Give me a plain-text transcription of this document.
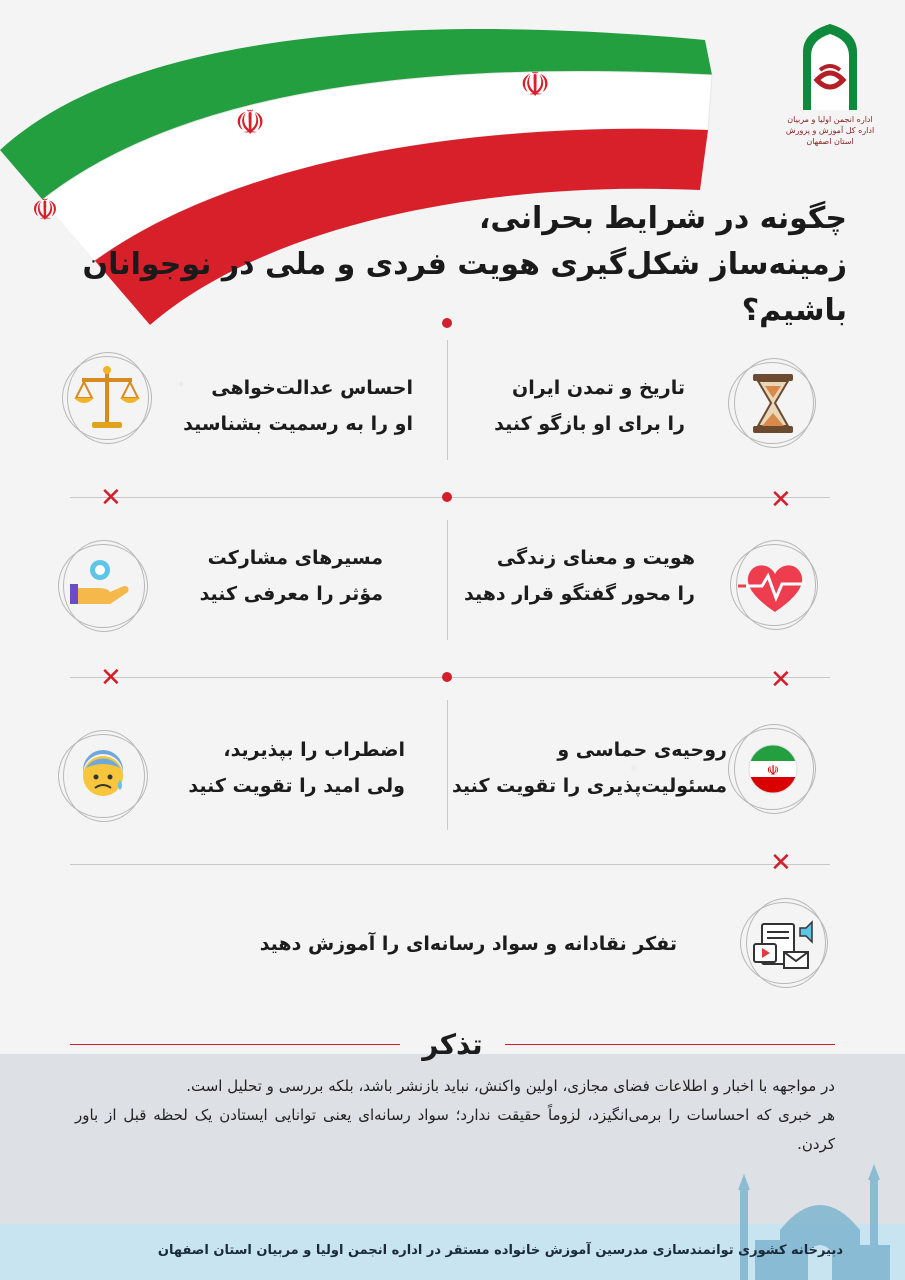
☫
☫
☫
اداره انجمن اولیا و مربیان
اداره کل آموزش و پرورش استان اصفهان
چگونه در شرایط بحرانی،
زمینه‌ساز شکل‌گیری هویت فردی و ملی در نوجوانان باشیم؟
✕	✕
✕	✕
✕
تاریخ و تمدن ایران
را برای او بازگو کنید
احساس عدالت‌خواهی
او را به رسمیت بشناسید
هویت و معنای زندگی
را محور گفتگو قرار دهید
مسیرهای مشارکت
مؤثر را معرفی کنید
☫
روحیه‌ی حماسی و
مسئولیت‌پذیری را تقویت کنید
اضطراب را بپذیرید،
ولی امید را تقویت کنید
تفکر نقادانه و سواد رسانه‌ای را آموزش دهید
تذکر
در مواجهه با اخبار و اطلاعات فضای مجازی، اولین واکنش، نباید بازنشر باشد، بلکه بررسی و تحلیل است.
هر خبری که احساسات را برمی‌انگیزد، لزوماً حقیقت ندارد؛ سواد رسانه‌ای یعنی توانایی ایستادن یک لحظه قبل از باور کردن.
دبیرخانه کشوری توانمندسازی مدرسین آموزش خانواده مستقر در اداره انجمن اولیا و مربیان استان اصفهان
